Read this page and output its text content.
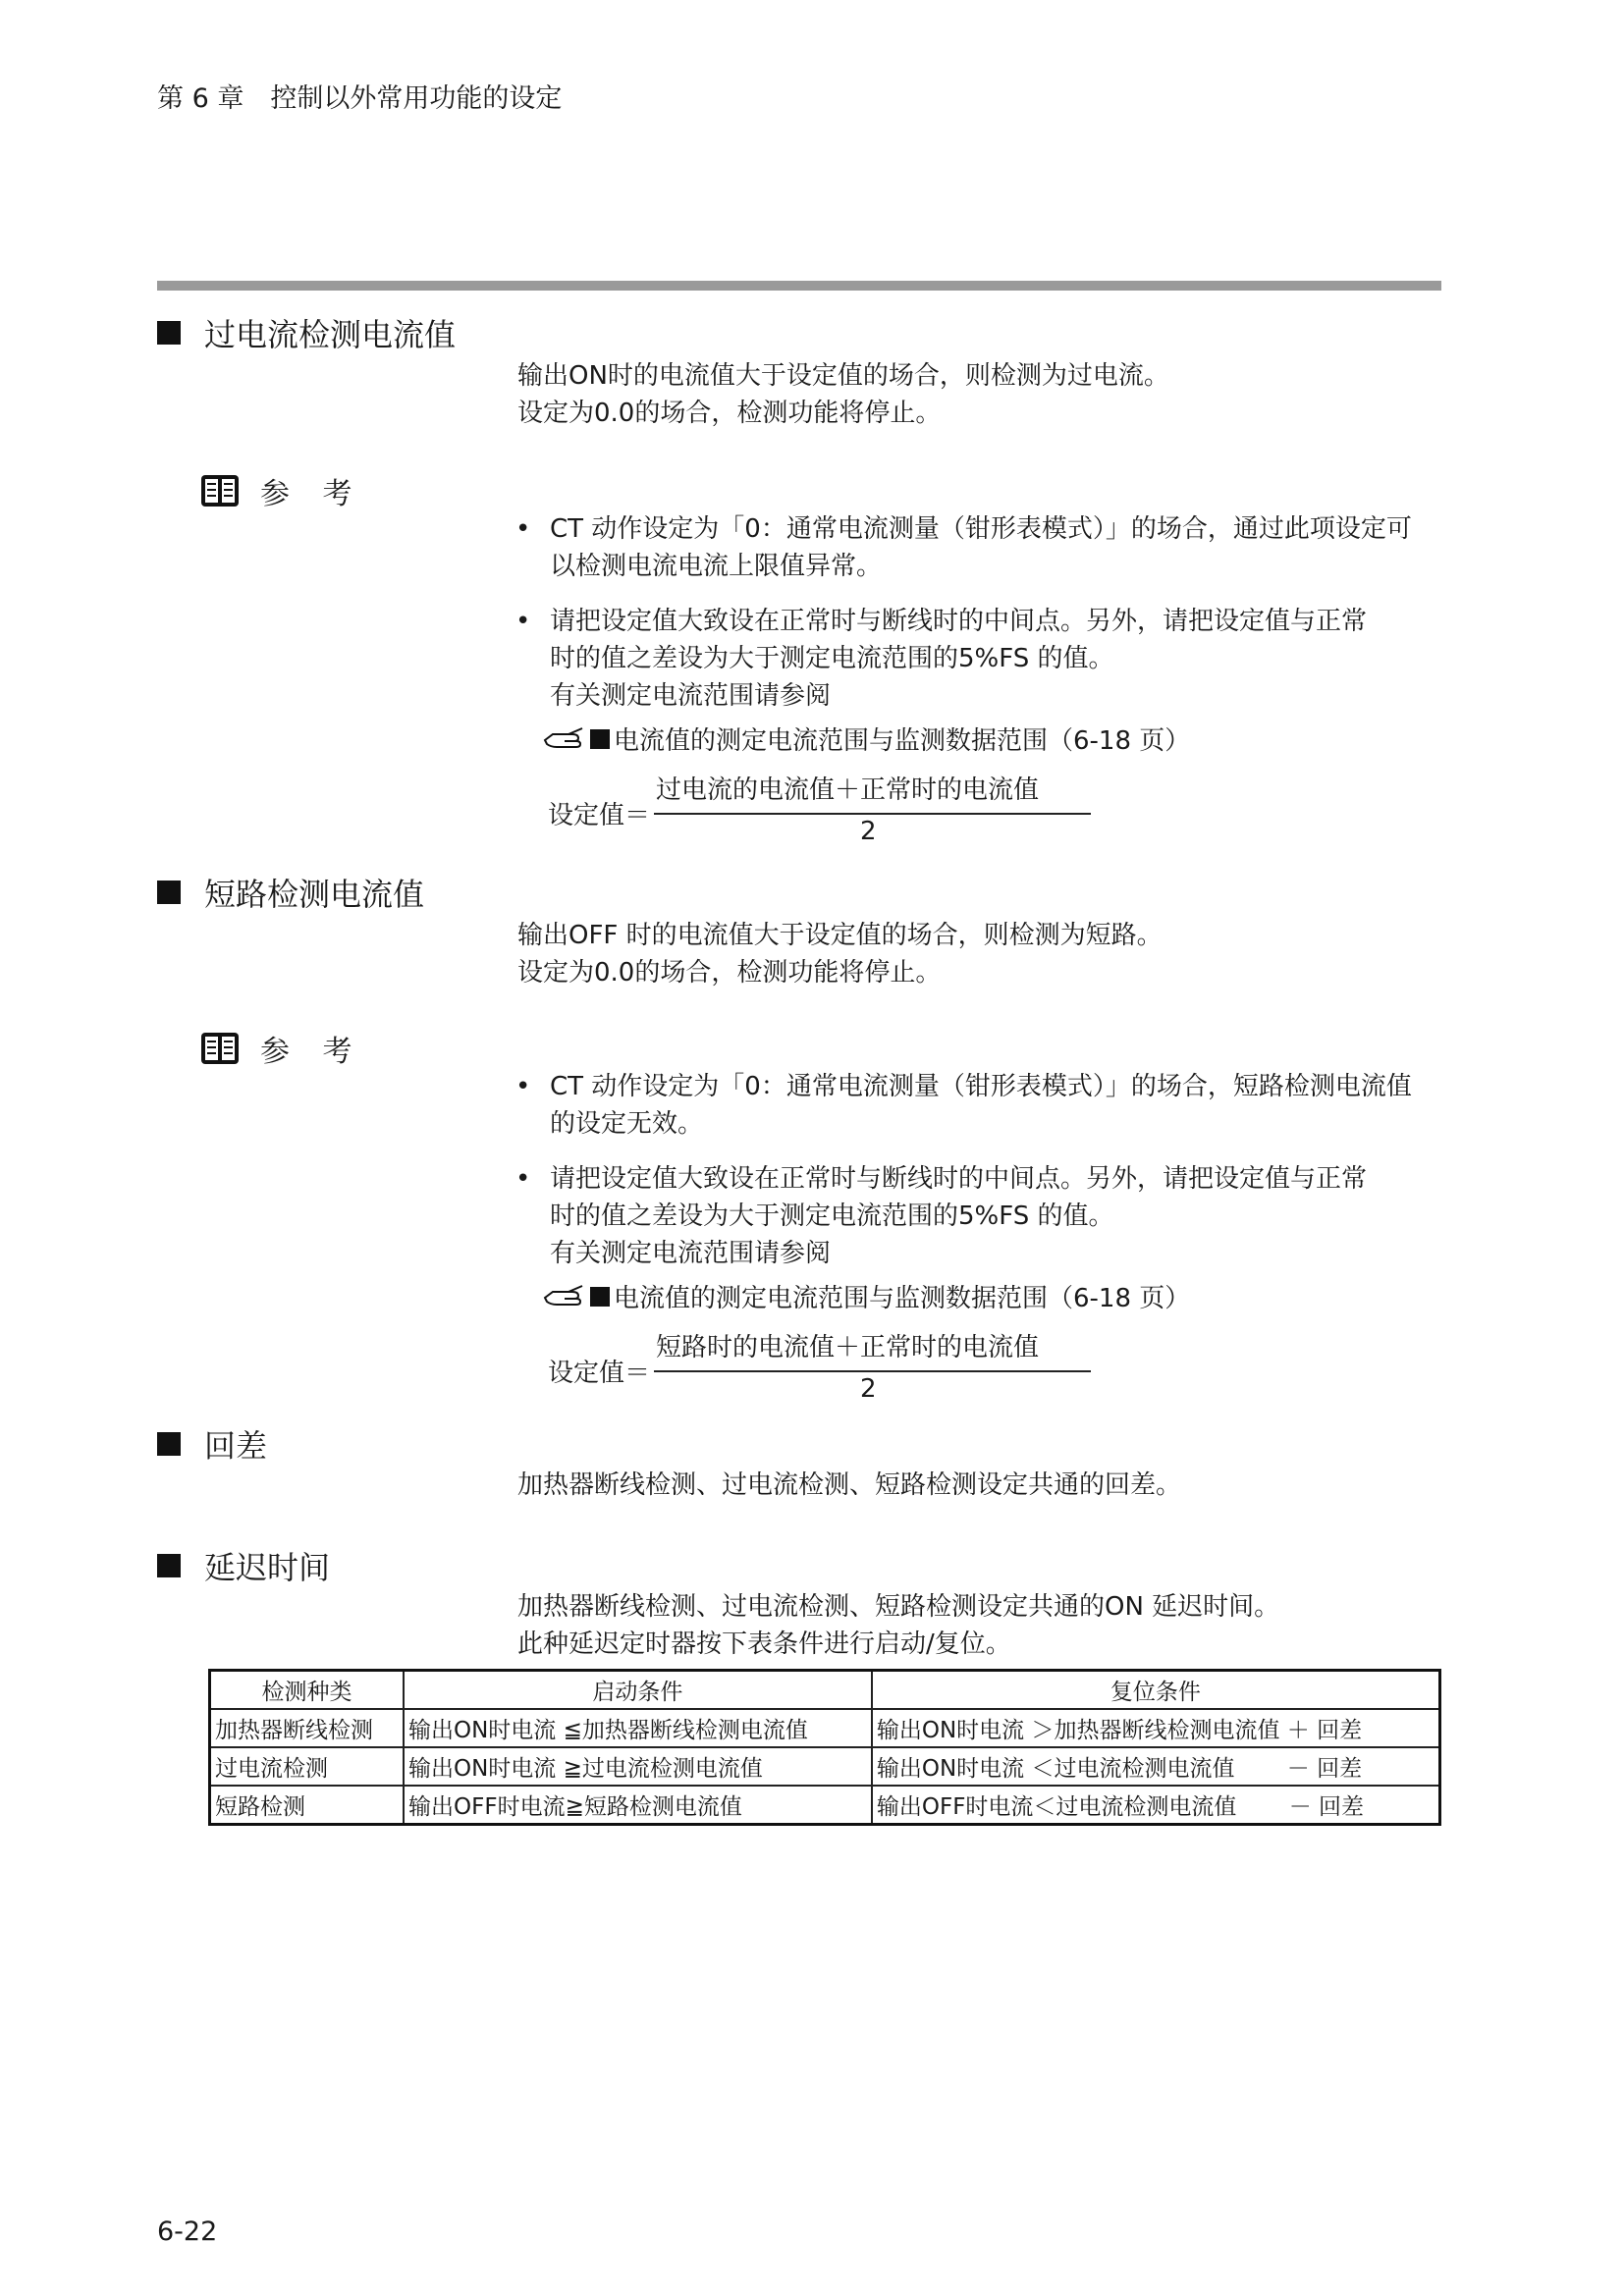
第 6 章　控制以外常用功能的设定
过电流检测电流值
输出ON时的电流值大于设定值的场合，则检测为过电流。
设定为0.0的场合，检测功能将停止。
参 考
• CT 动作设定为「0：通常电流测量（钳形表模式）」的场合，通过此项设定可
以检测电流电流上限值异常。
• 请把设定值大致设在正常时与断线时的中间点。另外，请把设定值与正常
时的值之差设为大于测定电流范围的5%FS 的值。
有关测定电流范围请参阅
电流值的测定电流范围与监测数据范围（6-18 页）
设定值＝
过电流的电流值＋正常时的电流值
2
短路检测电流值
输出OFF 时的电流值大于设定值的场合，则检测为短路。
设定为0.0的场合，检测功能将停止。
参 考
• CT 动作设定为「0：通常电流测量（钳形表模式）」的场合，短路检测电流值
的设定无效。
• 请把设定值大致设在正常时与断线时的中间点。另外，请把设定值与正常
时的值之差设为大于测定电流范围的5%FS 的值。
有关测定电流范围请参阅
电流值的测定电流范围与监测数据范围（6-18 页）
设定值＝
短路时的电流值＋正常时的电流值
2
回差
加热器断线检测、过电流检测、短路检测设定共通的回差。
延迟时间
加热器断线检测、过电流检测、短路检测设定共通的ON 延迟时间。
此种延迟定时器按下表条件进行启动/复位。
检测种类	启动条件	复位条件
加热器断线检测	输出ON时电流 ≦加热器断线检测电流值	输出ON时电流 ＞加热器断线检测电流值 ＋ 回差
过电流检测	输出ON时电流 ≧过电流检测电流值	输出ON时电流 ＜过电流检测电流值　　 － 回差
短路检测	输出OFF时电流≧短路检测电流值	输出OFF时电流＜过电流检测电流值　　 － 回差
6-22
